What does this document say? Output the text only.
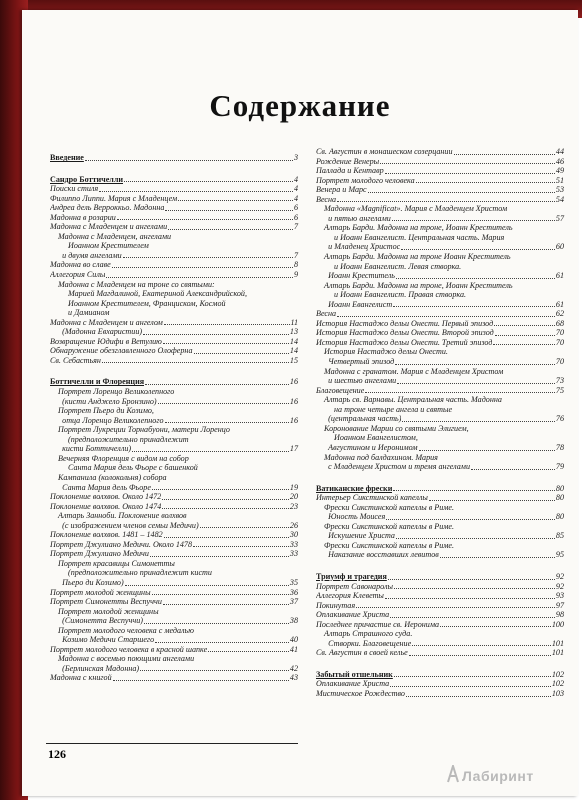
Содержание
Введение	3
Сандро Боттичелли	4
Поиски стиля	4
Филиппо Липпи. Мария с Младенцем	4
Андреа дель Верроккьо. Мадонна	6
Мадонна в розарии	6
Мадонна с Младенцем и ангелами	7
Мадонна с Младенцем, ангелами
Иоанном Крестителем
и двумя ангелами	7
Мадонна во славе	8
Аллегория Силы	9
Мадонна с Младенцем на троне со святыми:
Марией Магдалиной, Екатериной Александрийской,
Иоанном Крестителем, Франциском, Космой
и Дамианом
Мадонна с Младенцем и ангелом	11
(Мадонна Евхаристии)	13
Возвращение Юдифи в Ветулию	14
Обнаружение обезглавленного Олоферна	14
Св. Себастьян	15
Боттичелли и Флоренция	16
Портрет Лоренцо Великолепного
(кисти Анджело Бронзино)	16
Портрет Пьеро ди Козимо,
отца Лоренцо Великолепного	16
Портрет Лукреции Торнабуони, матери Лоренцо
(предположительно принадлежит
кисти Боттичелли)	17
Вечерняя Флоренция с видом на собор
Санта Мария дель Фьоре с башенкой
Кампанила (колокольня) собора
Санта Мария дель Фьоре	19
Поклонение волхвов. Около 1472	20
Поклонение волхвов. Около 1474	23
Алтарь Занноби. Поклонение волхвов
(с изображением членов семьи Медичи)	26
Поклонение волхвов. 1481 – 1482	30
Портрет Джулиано Медичи. Около 1478	33
Портрет Джулиано Медичи	33
Портрет красавицы Симонетты
(предположительно принадлежит кисти
Пьеро ди Козимо)	35
Портрет молодой женщины	36
Портрет Симонетты Веспуччи	37
Портрет молодой женщины
(Симонетта Веспуччи)	38
Портрет молодого человека с медалью
Козимо Медичи Старшего	40
Портрет молодого человека в красной шапке	41
Мадонна с восемью поющими ангелами
(Берлинская Мадонна)	42
Мадонна с книгой	43
Св. Августин в монашеском созерцании	44
Рождение Венеры	46
Паллада и Кентавр	49
Портрет молодого человека	51
Венера и Марс	53
Весна	54
Мадонна «Magnificat». Мария с Младенцем Христом
и пятью ангелами	57
Алтарь Барди. Мадонна на троне, Иоанн Креститель
и Иоанн Евангелист. Центральная часть. Мария
и Младенец Христос	60
Алтарь Барди. Мадонна на троне Иоанн Креститель
и Иоанн Евангелист. Левая створка.
Иоанн Креститель	61
Алтарь Барди. Мадонна на троне, Иоанн Креститель
и Иоанн Евангелист. Правая створка.
Иоанн Евангелист	61
Весна	62
История Настаджо дельи Онести. Первый эпизод	68
История Настаджо дельи Онести. Второй эпизод	70
История Настаджо дельи Онести. Третий эпизод	70
История Настаджо дельи Онести.
Четвертый эпизод	70
Мадонна с гранатом. Мария с Младенцем Христом
и шестью ангелами	73
Благовещение	75
Алтарь св. Варнавы. Центральная часть. Мадонна
на троне четыре ангела и святые
(центральная часть)	76
Коронование Марии со святыми Элигием,
Иоанном Евангелистом,
Августином и Иеронимом	78
Мадонна под балдахином. Мария
с Младенцем Христом и тремя ангелами	79
Ватиканские фрески	80
Интерьер Сикстинской капеллы	80
Фрески Сикстинской капеллы в Риме.
Юность Моисея	80
Фрески Сикстинской капеллы в Риме.
Искушение Христа	85
Фрески Сикстинской капеллы в Риме.
Наказание восставших левитов	95
Триумф и трагедия	92
Портрет Савонаролы	92
Аллегория Клеветы	93
Покинутая	97
Оплакивание Христа	98
Последнее причастие св. Иеронима	100
Алтарь Страшного суда.
Створки. Благовещение	101
Св. Августин в своей келье	101
Забытый отшельник	102
Оплакивание Христа	102
Мистическое Рождество	103
126
Лабиринт
